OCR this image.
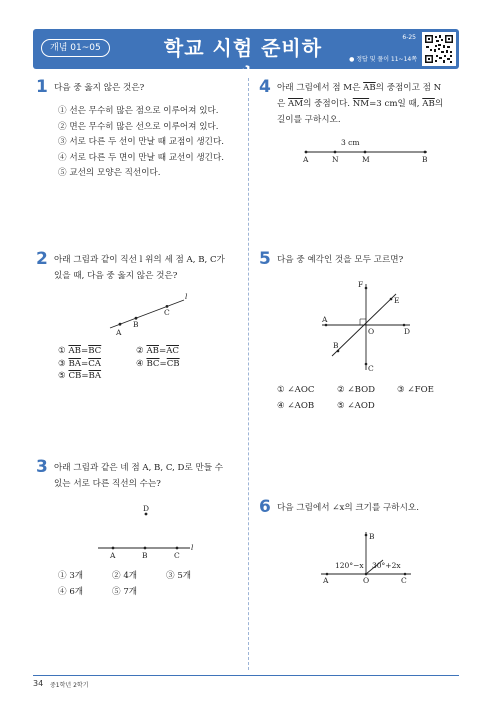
개념 01~05	학교 시험 준비하기
6-25
● 정답 및 풀이 11~14쪽
1 다음 중 옳지 않은 것은?
① 선은 무수히 많은 점으로 이루어져 있다.
② 면은 무수히 많은 선으로 이루어져 있다.
③ 서로 다른 두 선이 만날 때 교점이 생긴다.
④ 서로 다른 두 면이 만날 때 교선이 생긴다.
⑤ 교선의 모양은 직선이다.
2 아래 그림과 같이 직선 l 위의 세 점 A, B, C가
있을 때, 다음 중 옳지 않은 것은?
A
B
C
l
① $\overline{AB}=\overline{BC}$	② $\overline{AB}=\overline{AC}$
③ $\overline{BA}=\overline{CA}$	④ $\overline{BC}=\overline{CB}$
⑤ $\overline{CB}=\overline{BA}$
3 아래 그림과 같은 네 점 A, B, C, D로 만들 수
있는 서로 다른 직선의 수는?
D
A	B	C
l
① 3개	② 4개	③ 5개
④ 6개	⑤ 7개
4 아래 그림에서 점 M은 $\overline{AB}$의 중점이고 점 N
은 $\overline{AM}$의 중점이다. $\overline{NM}=3$ cm일 때, $\overline{AB}$의
길이를 구하시오.
3 cm
A	N	M	B
5 다음 중 예각인 것을 모두 고르면?
F
E
A
O	D
B
C
① ∠AOC	② ∠BOD	③ ∠FOE
④ ∠AOB	⑤ ∠AOD
6 다음 그림에서 ∠x의 크기를 구하시오.
B
A	O	C
120°−x 30°+2x
34 중1학년 2학기
